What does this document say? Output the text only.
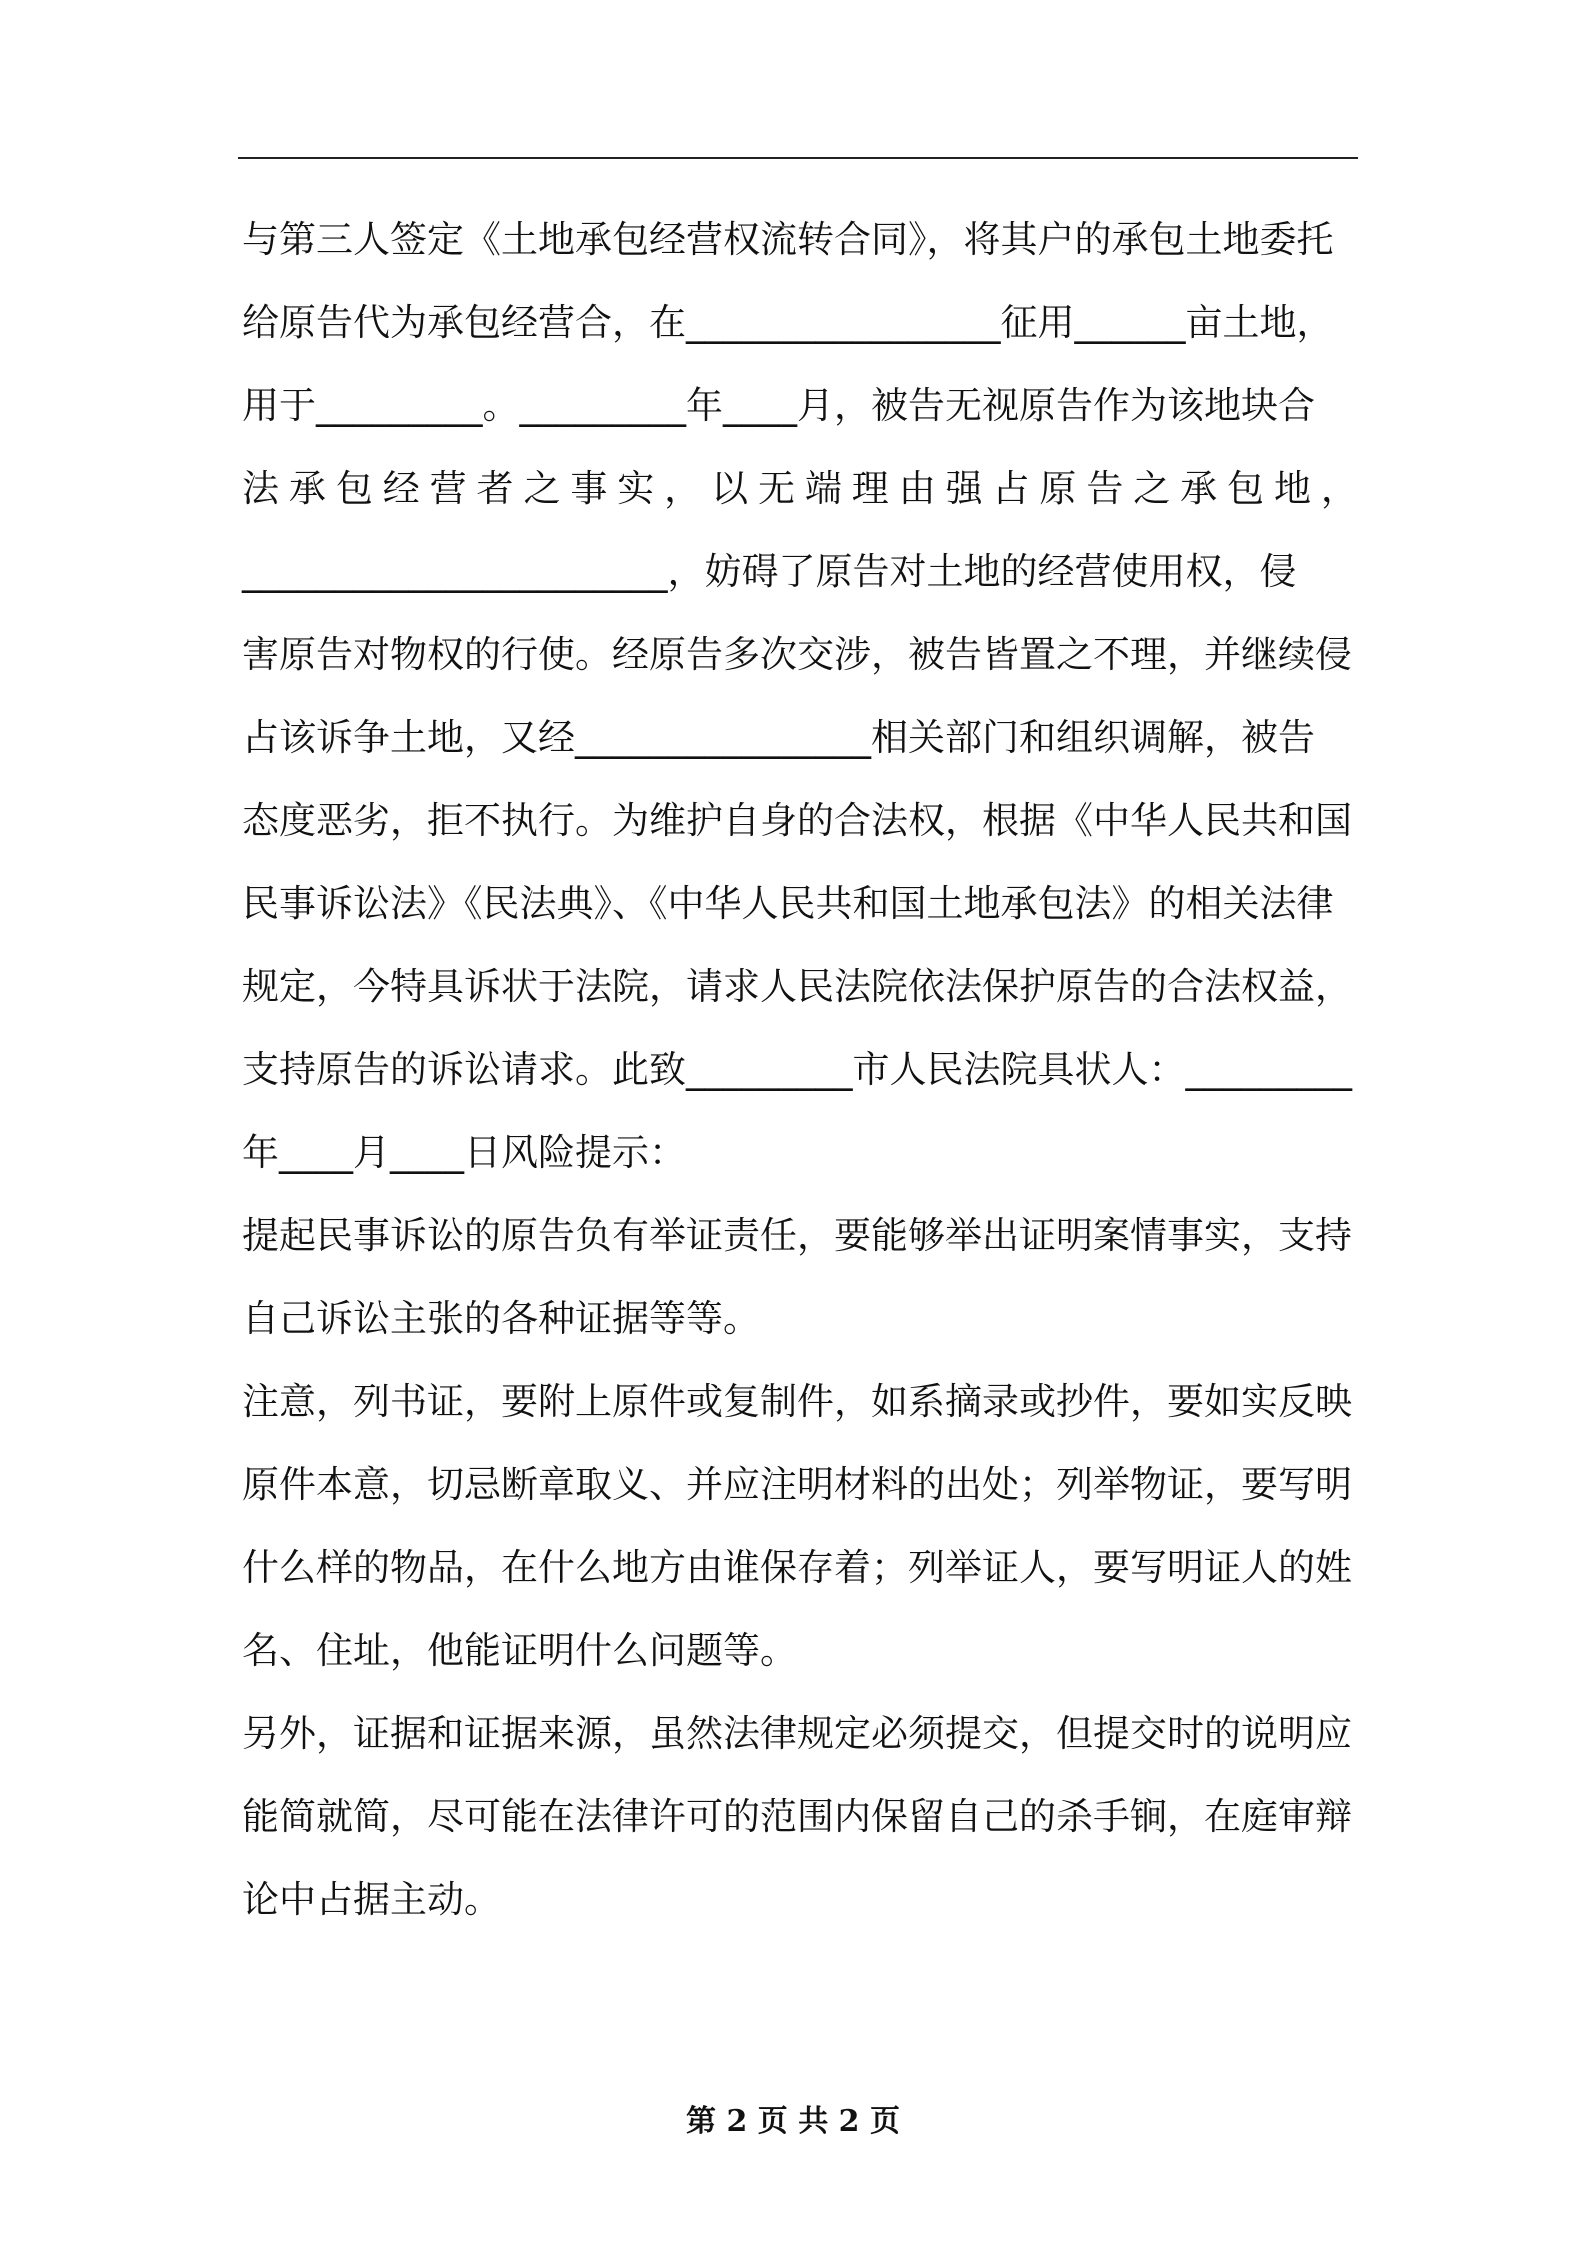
与第三人签定《土地承包经营权流转合同》，将其户的承包土地委托
给原告代为承包经营合，在_________________征用______亩土地，
用于_________。_________年____月，被告无视原告作为该地块合
法 承 包 经 营 者 之 事 实 ， 以 无 端 理 由 强 占 原 告 之 承 包 地 ，
_______________________，妨碍了原告对土地的经营使用权，侵
害原告对物权的行使。经原告多次交涉，被告皆置之不理，并继续侵
占该诉争土地，又经________________相关部门和组织调解，被告
态度恶劣，拒不执行。为维护自身的合法权，根据《中华人民共和国
民事诉讼法》《民法典》、《中华人民共和国土地承包法》的相关法律
规定，今特具诉状于法院，请求人民法院依法保护原告的合法权益，
支持原告的诉讼请求。此致_________市人民法院具状人：_________
年____月____日风险提示：
提起民事诉讼的原告负有举证责任，要能够举出证明案情事实，支持
自己诉讼主张的各种证据等等。
注意，列书证，要附上原件或复制件，如系摘录或抄件，要如实反映
原件本意，切忌断章取义、并应注明材料的出处；列举物证，要写明
什么样的物品，在什么地方由谁保存着；列举证人，要写明证人的姓
名、住址，他能证明什么问题等。
另外，证据和证据来源，虽然法律规定必须提交，但提交时的说明应
能简就简，尽可能在法律许可的范围内保留自己的杀手锏，在庭审辩
论中占据主动。
第 2 页 共 2 页
